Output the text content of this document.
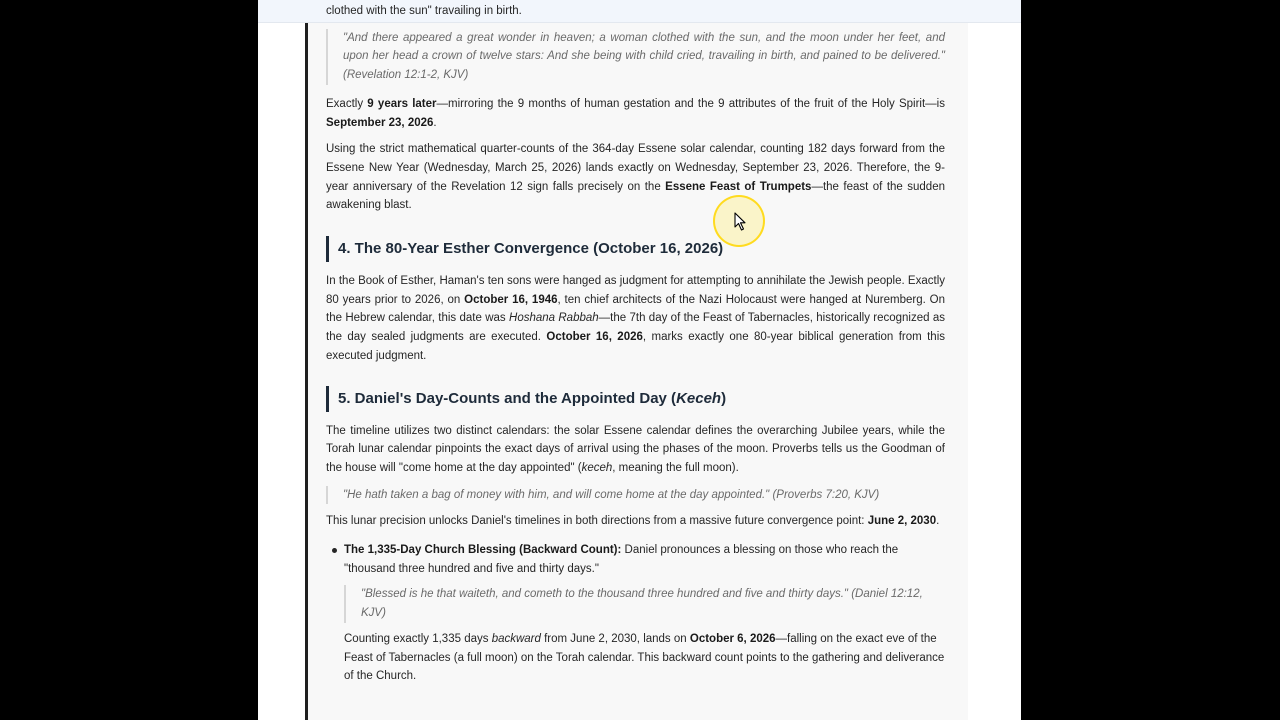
clothed with the sun" travailing in birth.

"And there appeared a great wonder in heaven; a woman clothed with the sun, and the moon under her feet, and upon her head a crown of twelve stars: And she being with child cried, travailing in birth, and pained to be delivered." (Revelation 12:1-2, KJV)

Exactly 9 years later—mirroring the 9 months of human gestation and the 9 attributes of the fruit of the Holy Spirit—is September 23, 2026.

Using the strict mathematical quarter-counts of the 364-day Essene solar calendar, counting 182 days forward from the Essene New Year (Wednesday, March 25, 2026) lands exactly on Wednesday, September 23, 2026. Therefore, the 9-year anniversary of the Revelation 12 sign falls precisely on the Essene Feast of Trumpets—the feast of the sudden awakening blast.

4. The 80-Year Esther Convergence (October 16, 2026)

In the Book of Esther, Haman's ten sons were hanged as judgment for attempting to annihilate the Jewish people. Exactly 80 years prior to 2026, on October 16, 1946, ten chief architects of the Nazi Holocaust were hanged at Nuremberg. On the Hebrew calendar, this date was Hoshana Rabbah—the 7th day of the Feast of Tabernacles, historically recognized as the day sealed judgments are executed. October 16, 2026, marks exactly one 80-year biblical generation from this executed judgment.

5. Daniel's Day-Counts and the Appointed Day (Keceh)

The timeline utilizes two distinct calendars: the solar Essene calendar defines the overarching Jubilee years, while the Torah lunar calendar pinpoints the exact days of arrival using the phases of the moon. Proverbs tells us the Goodman of the house will "come home at the day appointed" (keceh, meaning the full moon).

"He hath taken a bag of money with him, and will come home at the day appointed." (Proverbs 7:20, KJV)

This lunar precision unlocks Daniel's timelines in both directions from a massive future convergence point: June 2, 2030.

The 1,335-Day Church Blessing (Backward Count): Daniel pronounces a blessing on those who reach the "thousand three hundred and five and thirty days."
"Blessed is he that waiteth, and cometh to the thousand three hundred and five and thirty days." (Daniel 12:12, KJV)
Counting exactly 1,335 days backward from June 2, 2030, lands on October 6, 2026—falling on the exact eve of the Feast of Tabernacles (a full moon) on the Torah calendar. This backward count points to the gathering and deliverance of the Church.
